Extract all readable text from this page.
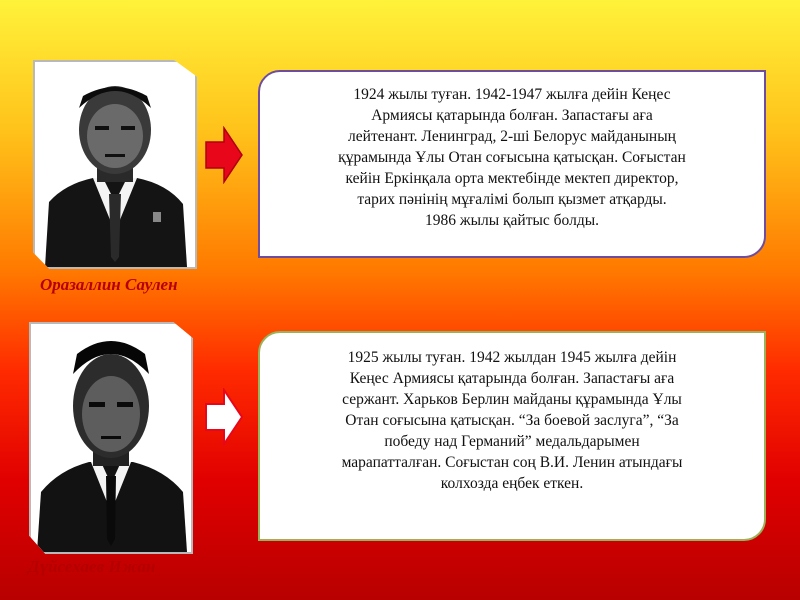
Оразаллин Саулен
1924 жылы туған. 1942-1947 жылға дейін Кеңес
Армиясы қатарында болған. Запастағы аға
лейтенант. Ленинград, 2-ші Белорус майданының
құрамында Ұлы Отан соғысына қатысқан. Соғыстан
кейін Еркінқала орта мектебінде мектеп директор,
тарих пәнінің мұғалімі болып қызмет атқарды.
1986 жылы қайтыс болды.
Дүйсехаев Ижан
1925 жылы туған. 1942 жылдан 1945 жылға дейін
Кеңес Армиясы қатарында болған. Запастағы аға
сержант. Харьков Берлин майданы құрамында Ұлы
Отан соғысына қатысқан. “За боевой заслуга”, “За
победу над Германий” медальдарымен
марапатталған. Соғыстан соң В.И. Ленин атындағы
колхозда еңбек еткен.
